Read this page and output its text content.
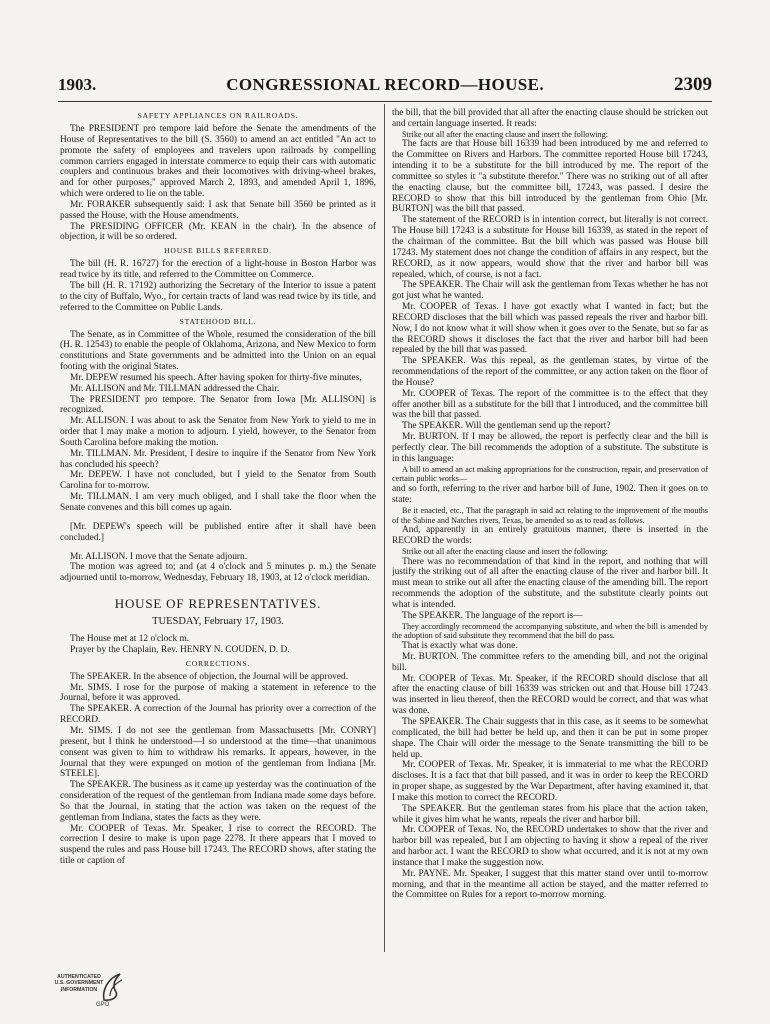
1903.	CONGRESSIONAL RECORD—HOUSE.	2309
SAFETY APPLIANCES ON RAILROADS.

The PRESIDENT pro tempore laid before the Senate the amendments of the House of Representatives to the bill (S. 3560) to amend an act entitled "An act to promote the safety of employees and travelers upon railroads by compelling common carriers engaged in interstate commerce to equip their cars with automatic couplers and continuous brakes and their locomotives with driving-wheel brakes, and for other purposes," approved March 2, 1893, and amended April 1, 1896, which were ordered to lie on the table.

Mr. FORAKER subsequently said: I ask that Senate bill 3560 be printed as it passed the House, with the House amendments.

The PRESIDING OFFICER (Mr. KEAN in the chair). In the absence of objection, it will be so ordered.

HOUSE BILLS REFERRED.

The bill (H. R. 16727) for the erection of a light-house in Boston Harbor was read twice by its title, and referred to the Committee on Commerce.

The bill (H. R. 17192) authorizing the Secretary of the Interior to issue a patent to the city of Buffalo, Wyo., for certain tracts of land was read twice by its title, and referred to the Committee on Public Lands.

STATEHOOD BILL.

The Senate, as in Committee of the Whole, resumed the consideration of the bill (H. R. 12543) to enable the people of Oklahoma, Arizona, and New Mexico to form constitutions and State governments and be admitted into the Union on an equal footing with the original States.

Mr. DEPEW resumed his speech. After having spoken for thirty-five minutes,

Mr. ALLISON and Mr. TILLMAN addressed the Chair.

The PRESIDENT pro tempore. The Senator from Iowa [Mr. ALLISON] is recognized.

Mr. ALLISON. I was about to ask the Senator from New York to yield to me in order that I may make a motion to adjourn. I yield, however, to the Senator from South Carolina before making the motion.

Mr. TILLMAN. Mr. President, I desire to inquire if the Senator from New York has concluded his speech?

Mr. DEPEW. I have not concluded, but I yield to the Senator from South Carolina for to-morrow.

Mr. TILLMAN. I am very much obliged, and I shall take the floor when the Senate convenes and this bill comes up again.

[Mr. DEPEW's speech will be published entire after it shall have been concluded.]

Mr. ALLISON. I move that the Senate adjourn.

The motion was agreed to; and (at 4 o'clock and 5 minutes p. m.) the Senate adjourned until to-morrow, Wednesday, February 18, 1903, at 12 o'clock meridian.

HOUSE OF REPRESENTATIVES.

TUESDAY, February 17, 1903.

The House met at 12 o'clock m.

Prayer by the Chaplain, Rev. HENRY N. COUDEN, D. D.

CORRECTIONS.

The SPEAKER. In the absence of objection, the Journal will be approved.

Mr. SIMS. I rose for the purpose of making a statement in reference to the Journal, before it was approved.

The SPEAKER. A correction of the Journal has priority over a correction of the RECORD.

Mr. SIMS. I do not see the gentleman from Massachusetts [Mr. CONRY] present, but I think he understood—I so understood at the time—that unanimous consent was given to him to withdraw his remarks. It appears, however, in the Journal that they were expunged on motion of the gentleman from Indiana [Mr. STEELE].

The SPEAKER. The business as it came up yesterday was the continuation of the consideration of the request of the gentleman from Indiana made some days before. So that the Journal, in stating that the action was taken on the request of the gentleman from Indiana, states the facts as they were.

Mr. COOPER of Texas. Mr. Speaker, I rise to correct the RECORD. The correction I desire to make is upon page 2278. It there appears that I moved to suspend the rules and pass House bill 17243. The RECORD shows, after stating the title or caption of

the bill, that the bill provided that all after the enacting clause should be stricken out and certain language inserted. It reads:

Strike out all after the enacting clause and insert the following:

The facts are that House bill 16339 had been introduced by me and referred to the Committee on Rivers and Harbors. The committee reported House bill 17243, intending it to be a substitute for the bill introduced by me. The report of the committee so styles it "a substitute therefor." There was no striking out of all after the enacting clause, but the committee bill, 17243, was passed. I desire the RECORD to show that this bill introduced by the gentleman from Ohio [Mr. BURTON] was the bill that passed.

The statement of the RECORD is in intention correct, but literally is not correct. The House bill 17243 is a substitute for House bill 16339, as stated in the report of the chairman of the committee. But the bill which was passed was House bill 17243. My statement does not change the condition of affairs in any respect, but the RECORD, as it now appears, would show that the river and harbor bill was repealed, which, of course, is not a fact.

The SPEAKER. The Chair will ask the gentleman from Texas whether he has not got just what he wanted.

Mr. COOPER of Texas. I have got exactly what I wanted in fact; but the RECORD discloses that the bill which was passed repeals the river and harbor bill. Now, I do not know what it will show when it goes over to the Senate, but so far as the RECORD shows it discloses the fact that the river and harbor bill had been repealed by the bill that was passed.

The SPEAKER. Was this repeal, as the gentleman states, by virtue of the recommendations of the report of the committee, or any action taken on the floor of the House?

Mr. COOPER of Texas. The report of the committee is to the effect that they offer another bill as a substitute for the bill that I introduced, and the committee bill was the bill that passed.

The SPEAKER. Will the gentleman send up the report?

Mr. BURTON. If I may be allowed, the report is perfectly clear and the bill is perfectly clear. The bill recommends the adoption of a substitute. The substitute is in this language:

A bill to amend an act making appropriations for the construction, repair, and preservation of certain public works—

and so forth, referring to the river and harbor bill of June, 1902. Then it goes on to state:

Be it enacted, etc., That the paragraph in said act relating to the improvement of the mouths of the Sabine and Natches rivers, Texas, be amended so as to read as follows.

And, apparently in an entirely gratuitous manner, there is inserted in the RECORD the words:

Strike out all after the enacting clause and insert the following:

There was no recommendation of that kind in the report, and nothing that will justify the striking out of all after the enacting clause of the river and harbor bill. It must mean to strike out all after the enacting clause of the amending bill. The report recommends the adoption of the substitute, and the substitute clearly points out what is intended.

The SPEAKER. The language of the report is—

They accordingly recommend the accompanying substitute, and when the bill is amended by the adoption of said substitute they recommend that the bill do pass.

That is exactly what was done.

Mr. BURTON. The committee refers to the amending bill, and not the original bill.

Mr. COOPER of Texas. Mr. Speaker, if the RECORD should disclose that all after the enacting clause of bill 16339 was stricken out and that House bill 17243 was inserted in lieu thereof, then the RECORD would be correct, and that was what was done.

The SPEAKER. The Chair suggests that in this case, as it seems to be somewhat complicated, the bill had better be held up, and then it can be put in some proper shape. The Chair will order the message to the Senate transmitting the bill to be held up.

Mr. COOPER of Texas. Mr. Speaker, it is immaterial to me what the RECORD discloses. It is a fact that that bill passed, and it was in order to keep the RECORD in proper shape, as suggested by the War Department, after having examined it, that I make this motion to correct the RECORD.

The SPEAKER. But the gentleman states from his place that the action taken, while it gives him what he wants, repeals the river and harbor bill.

Mr. COOPER of Texas. No, the RECORD undertakes to show that the river and harbor bill was repealed, but I am objecting to having it show a repeal of the river and harbor act. I want the RECORD to show what occurred, and it is not at my own instance that I make the suggestion now.

Mr. PAYNE. Mr. Speaker, I suggest that this matter stand over until to-morrow morning, and that in the meantime all action be stayed, and the matter referred to the Committee on Rules for a report to-morrow morning.

AUTHENTICATED
U.S. GOVERNMENT
INFORMATION
GPO
